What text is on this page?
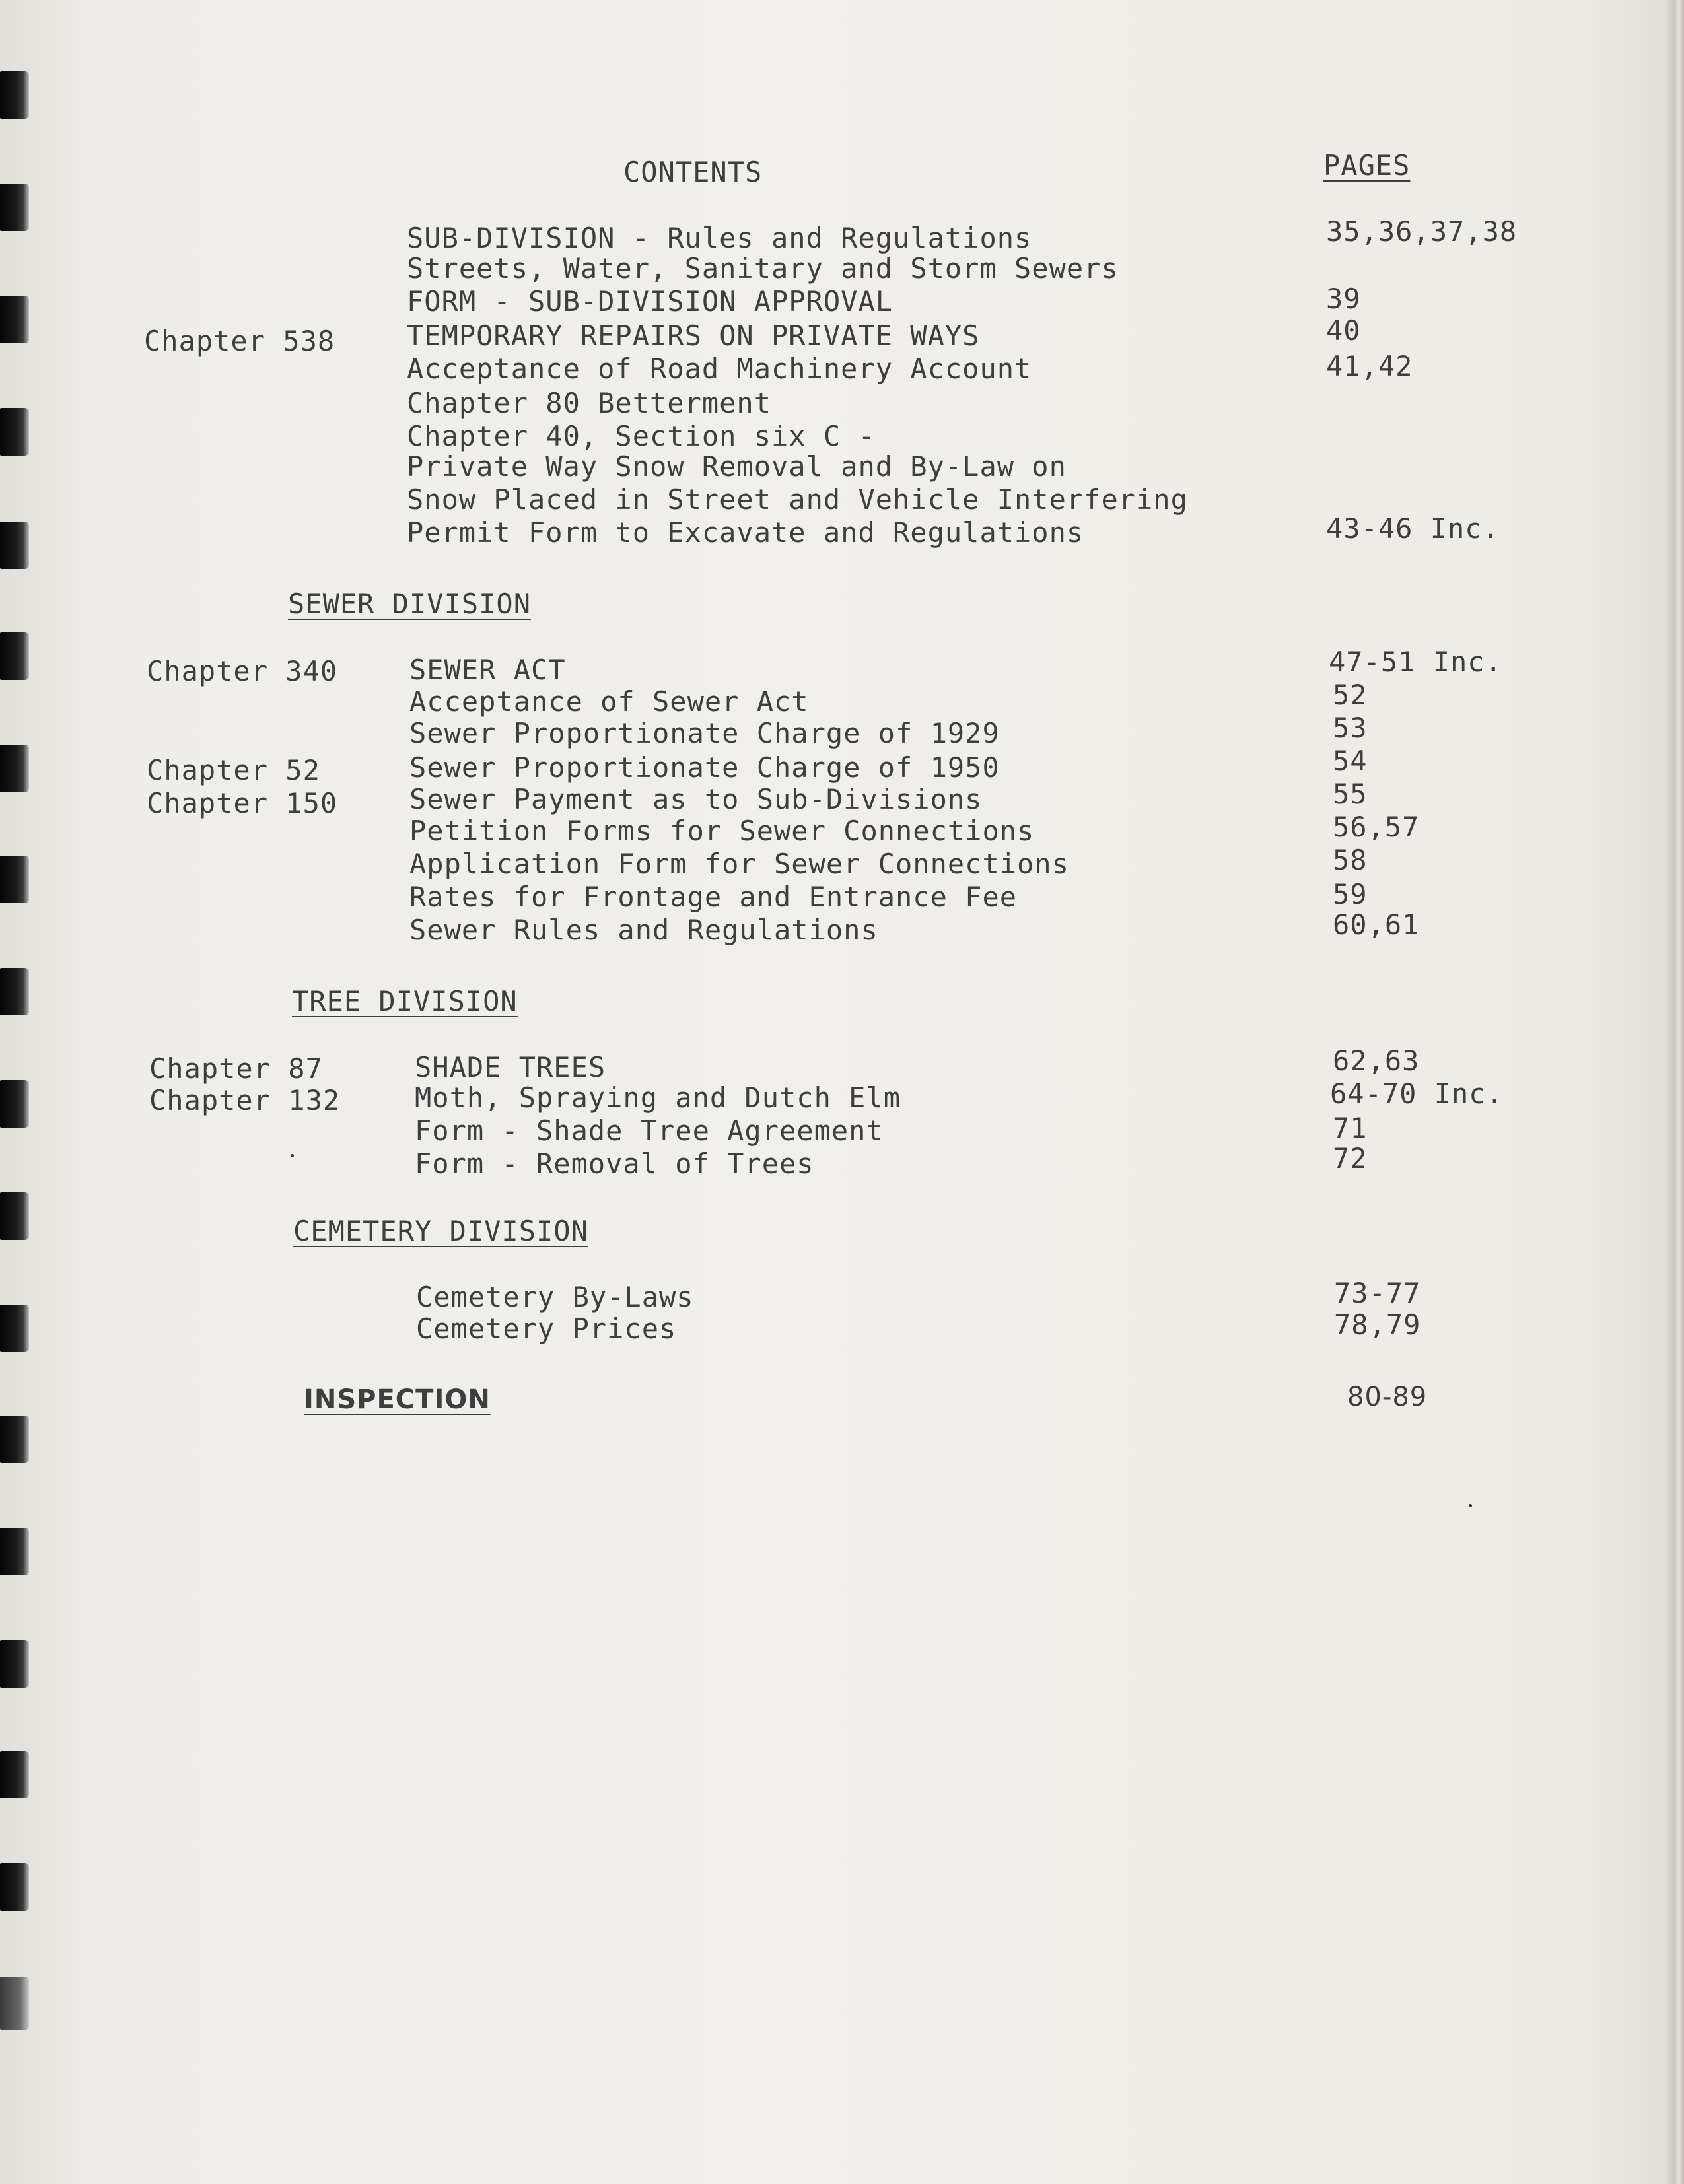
CONTENTS	PAGES
Chapter 538
SUB-DIVISION - Rules and Regulations
Streets, Water, Sanitary and Storm Sewers
FORM - SUB-DIVISION APPROVAL
TEMPORARY REPAIRS ON PRIVATE WAYS
Acceptance of Road Machinery Account
Chapter 80 Betterment
Chapter 40, Section six C -
Private Way Snow Removal and By-Law on
Snow Placed in Street and Vehicle Interfering
Permit Form to Excavate and Regulations
35,36,37,38
39
40
41,42
43-46 Inc.
SEWER DIVISION
Chapter 340
Chapter 52
Chapter 150
SEWER ACT
Acceptance of Sewer Act
Sewer Proportionate Charge of 1929
Sewer Proportionate Charge of 1950
Sewer Payment as to Sub-Divisions
Petition Forms for Sewer Connections
Application Form for Sewer Connections
Rates for Frontage and Entrance Fee
Sewer Rules and Regulations
47-51 Inc.
52
53
54
55
56,57
58
59
60,61
TREE DIVISION
Chapter 87
Chapter 132
SHADE TREES
Moth, Spraying and Dutch Elm
Form - Shade Tree Agreement
Form - Removal of Trees
62,63
64-70 Inc.
71
72
CEMETERY DIVISION
Cemetery By-Laws
Cemetery Prices
73-77
78,79
INSPECTION	80-89
